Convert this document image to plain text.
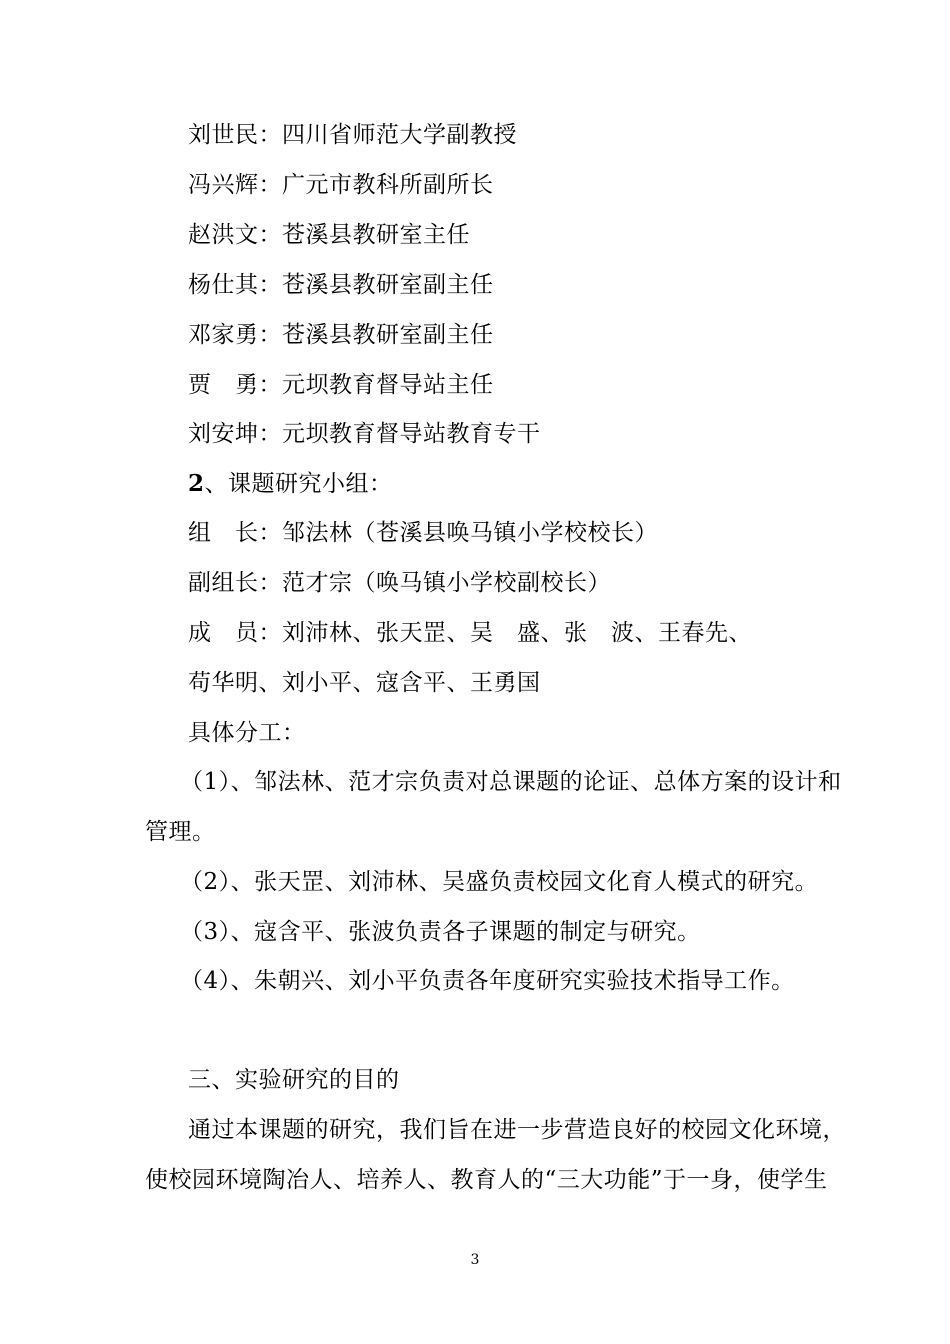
刘世民：四川省师范大学副教授
冯兴辉：广元市教科所副所长
赵洪文：苍溪县教研室主任
杨仕其：苍溪县教研室副主任
邓家勇：苍溪县教研室副主任
贾　勇：元坝教育督导站主任
刘安坤：元坝教育督导站教育专干
2、课题研究小组：
组　长：邹法林（苍溪县唤马镇小学校校长）
副组长：范才宗（唤马镇小学校副校长）
成　员：刘沛林、张天罡、吴　盛、张　波、王春先、
苟华明、刘小平、寇含平、王勇国
具体分工：
（1）、邹法林、范才宗负责对总课题的论证、总体方案的设计和
管理。
（2）、张天罡、刘沛林、吴盛负责校园文化育人模式的研究。
（3）、寇含平、张波负责各子课题的制定与研究。
（4）、朱朝兴、刘小平负责各年度研究实验技术指导工作。
三、实验研究的目的
通过本课题的研究，我们旨在进一步营造良好的校园文化环境，
使校园环境陶冶人、培养人、教育人的“三大功能”于一身，使学生
3
